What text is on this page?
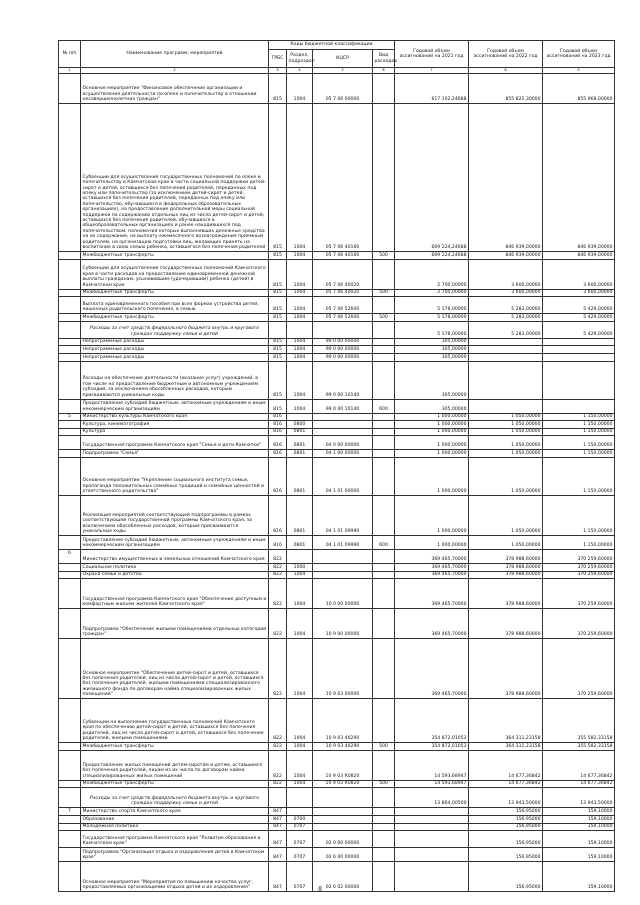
№ п/п	Наименование программ, мероприятий	Коды бюджетной классификации				Годовой объем ассигнований на 2021 год	Годовой объем ассигнований на 2022 год	Годовой объем ассигнований на 2023 год
		ГРБС	Раздел, подраздел	КЦСР	Вид расходов			
1	2	3	4	5	6	7	8	9
	Основное мероприятие "Финансовое обеспечение организации и осуществления деятельности по опеке и попечительству в отношении несовершеннолетних граждан"	815	1004	05 7 06 00000		617 102,24688	855 822,30000	855 968,00000
	Субвенции для осуществления государственных полномочий по опеке и попечительству в Камчатском крае в части социальной поддержки детей-сирот и детей, оставшихся без попечения родителей, переданных под опеку или попечительство (за исключением детей-сирот и детей, оставшихся без попечения родителей, переданных под опеку или попечительство, обучающихся в федеральных образовательных организациях), на предоставление дополнительной меры социальной поддержки по содержанию отдельных лиц из числа детей-сирот и детей, оставшихся без попечения родителей, обучавшихся в общеобразовательных организациях и ранее находившихся под попечительством, полномочия которых выполнявших денежные средства на их содержание, на выплату ежемесячного вознаграждения приемным родителям, на организацию подготовки лиц, желающих принять на воспитание в свою семью ребенка, оставшегося без попечения родителей	815	1004	05 7 06 40160		609 224,24688	846 939,00000	846 939,00000
	Межбюджетные трансферты	815	1004	05 7 06 40160	500	609 224,24688	846 939,00000	846 939,00000
	Субвенции для осуществления государственных полномочий Камчатского края в части расходов на предоставление единовременной денежной выплаты гражданам, усыновившим (удочерившим) ребенка (детей) в Камчатском крае	815	1004	05 7 06 40020		2 700,00000	3 600,00000	3 600,00000
	Межбюджетные трансферты	815	1004	05 7 06 40020	500	2 700,00000	3 600,00000	3 600,00000
	Выплата единовременного пособия при всех формах устройства детей, лишенных родительского попечения, в семью	815	1004	05 7 06 52600		5 178,00000	5 283,00000	5 429,00000
	Межбюджетные трансферты	815	1004	05 7 06 52600	500	5 178,00000	5 283,00000	5 429,00000
	Расходы за счет средств федерального бюджета внутрь и кругового граждан поддержку семьи и детей					5 178,00000	5 283,00000	5 429,00000
	Непрограммные расходы	815	1004	99 0 00 00000		305,00000		
	Непрограммные расходы	815	1004	99 0 00 00000		305,00000		
	Непрограммные расходы	815	1004	99 0 00 00000		305,00000		
	Расходы на обеспечение деятельности (оказание услуг) учреждений, в том числе на предоставление бюджетным и автономным учреждениям субсидий, за исключением обособленных расходов, которым присваиваются уникальные коды	815	1004	99 0 00 10140		305,00000		
	Предоставление субсидий бюджетным, автономным учреждениям и иным некоммерческим организациям	815	1004	99 0 00 10140	600	305,00000		
5	Министерство культуры Камчатского края	816				1 000,00000	1 050,00000	1 150,00000
	Культура, кинематография	816	0800			1 000,00000	1 050,00000	1 150,00000
	Культура	816	0801			1 000,00000	1 050,00000	1 150,00000
	Государственная программа Камчатского края "Семья и дети Камчатки"	816	0801	04 0 00 00000		1 000,00000	1 050,00000	1 150,00000
	Подпрограмма "Семья"	816	0801	04 1 00 00000		1 000,00000	1 050,00000	1 150,00000
	Основное мероприятие "Укрепление социального института семьи, пропаганда положительных семейных традиций и семейных ценностей и ответственного родительства"	816	0801	04 1 01 00000		1 000,00000	1 050,00000	1 150,00000
	Реализация мероприятий соответствующей подпрограммы в рамках соответствующей государственной программы Камчатского края, за исключением обособленных расходов, которым присваиваются уникальные коды	816	0801	04 1 01 09990		1 000,00000	1 050,00000	1 150,00000
	Предоставление субсидий бюджетным, автономным учреждениям и иным некоммерческим организациям	816	0801	04 1 01 09990	600	1 000,00000	1 050,00000	1 150,00000
6	Министерство имущественных и земельных отношений Камчатского края	822				369 465,70000	378 988,60000	370 259,60000
	Социальная политика	822	1000			369 465,70000	378 988,60000	370 259,60000
	Охрана семьи и детства	822	1004			369 465,70000	378 988,60000	370 259,60000
	Государственная программа Камчатского края "Обеспечение доступным и комфортным жильем жителей Камчатского края"	822	1004	10 0 00 00000		369 465,70000	378 988,60000	370 259,60000
	Подпрограмма "Обеспечение жилыми помещениями отдельных категорий граждан"	822	1004	10 9 00 00000		369 465,70000	378 988,60000	370 259,60000
	Основное мероприятие "Обеспечение детей-сирот и детей, оставшихся без попечения родителей, лиц из числа детей-сирот и детей, оставшихся без попечения родителей, жилыми помещениями специализированного жилищного фонда по договорам найма специализированных жилых помещений"	822	1004	10 9 03 00000		369 465,70000	378 988,60000	370 259,60000
	Субвенции на выполнение государственных полномочий Камчатского края по обеспечению детей-сирот и детей, оставшихся без попечения родителей, лиц из числа детей-сирот и детей, оставшихся без попечения родителей, жилыми помещениями	822	1004	10 9 03 40290		354 872,01053	364 311,23158	355 582,33158
	Межбюджетные трансферты	822	1004	10 9 03 40290	500	354 872,01053	364 311,23158	355 582,33158
	Предоставление жилых помещений детям-сиротам и детям, оставшимся без попечения родителей, лицам из их числа по договорам найма специализированных жилых помещений	822	1004	10 9 03 R0820		14 593,68947	14 677,36842	14 677,36842
	Межбюджетные трансферты	822	1004	10 9 03 R0820	500	14 593,68947	14 677,36842	14 677,36842
	Расходы за счет средств федерального бюджета внутрь и кругового граждан поддержку семьи и детей					13 864,00500	13 943,50000	13 943,50000
7	Министерство спорта Камчатского края	847					156,95000	159,10000
	Образование	847	0700				156,95000	159,10000
	Молодежная политика	847	0707				156,95000	159,10000
	Государственная программа Камчатского края "Развитие образования в Камчатском крае"	847	0707	02 0 00 00000			156,95000	159,10000
	Подпрограмма "Организация отдыха и оздоровления детей в Камчатском крае"	847	0707	02 6 00 00000			156,95000	159,10000
	Основное мероприятие "Мероприятия по повышению качества услуг, предоставляемых организациями отдыха детей и их оздоровления"	847	0707	02 6 02 00000			156,95000	159,10000
8
